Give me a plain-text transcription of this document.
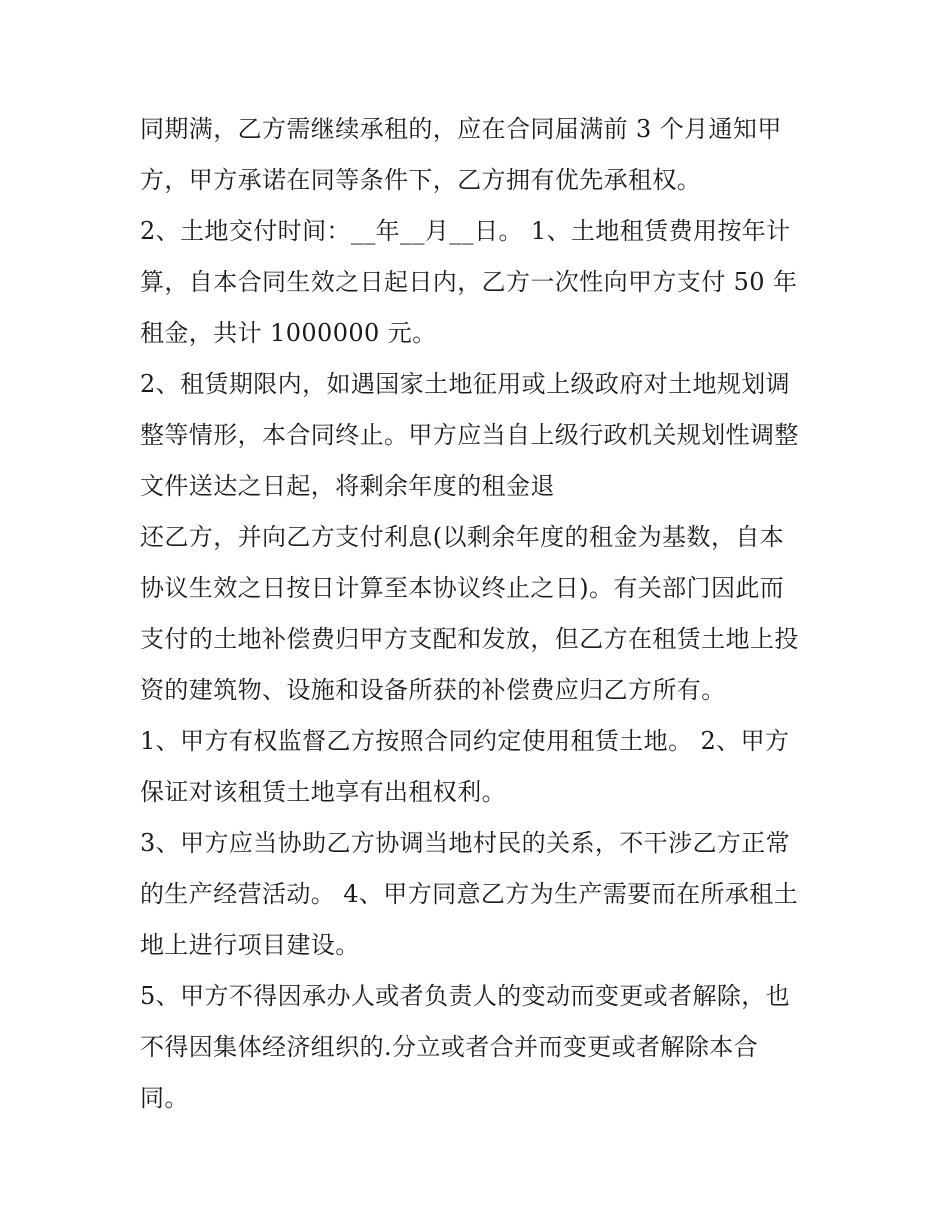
同期满，乙方需继续承租的，应在合同届满前 3 个月通知甲
方，甲方承诺在同等条件下，乙方拥有优先承租权。
2、土地交付时间：__年__月__日。 1、土地租赁费用按年计
算，自本合同生效之日起日内，乙方一次性向甲方支付 50 年
租金，共计 1000000 元。
2、租赁期限内，如遇国家土地征用或上级政府对土地规划调
整等情形，本合同终止。甲方应当自上级行政机关规划性调整
文件送达之日起，将剩余年度的租金退
还乙方，并向乙方支付利息(以剩余年度的租金为基数，自本
协议生效之日按日计算至本协议终止之日)。有关部门因此而
支付的土地补偿费归甲方支配和发放，但乙方在租赁土地上投
资的建筑物、设施和设备所获的补偿费应归乙方所有。
1、甲方有权监督乙方按照合同约定使用租赁土地。 2、甲方
保证对该租赁土地享有出租权利。
3、甲方应当协助乙方协调当地村民的关系，不干涉乙方正常
的生产经营活动。 4、甲方同意乙方为生产需要而在所承租土
地上进行项目建设。
5、甲方不得因承办人或者负责人的变动而变更或者解除，也
不得因集体经济组织的.分立或者合并而变更或者解除本合
同。
